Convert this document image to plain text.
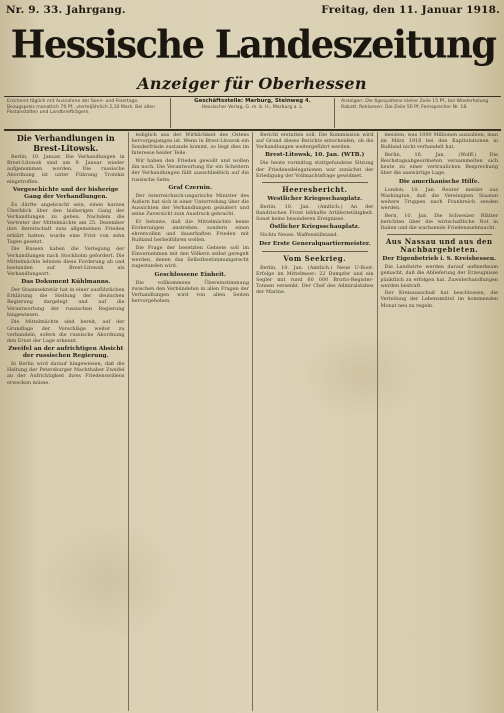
Nr. 9. 33. Jahrgang.	Freitag, den 11. Januar 1918.
Hessische Landeszeitung
Anzeiger für Oberhessen
Erscheint täglich mit Ausnahme der Sonn- und Feiertage. Bezugspreis monatlich 70 Pf., vierteljährlich 2,10 Mark. Bei allen Postanstalten und Landbriefträgern.
Geschäftsstelle: Marburg, Steinweg 4.
Hessischer Verlag, G. m. b. H., Marburg a. L.
Anzeigen: Die 6gespaltene kleine Zeile 15 Pf., bei Wiederholung Rabatt. Reklamen: Die Zeile 50 Pf. Fernsprecher Nr. 18.
Die Verhandlungen in Brest-Litowsk.

Berlin, 10. Januar. Die Verhandlungen in Brest-Litowsk sind am 9. Januar wieder aufgenommen worden. Die russische Abordnung ist unter Führung Trotzkis eingetroffen.

Vorgeschichte und der bisherige Gang der Verhandlungen.

Es dürfte angebracht sein, einen kurzen Überblick über den bisherigen Gang der Verhandlungen zu geben. Nachdem die Vertreter der Mittelmächte am 25. Dezember ihre Bereitschaft zum allgemeinen Frieden erklärt hatten, wurde eine Frist von zehn Tagen gesetzt.

Die Russen haben die Verlegung der Verhandlungen nach Stockholm gefordert. Die Mittelmächte lehnten diese Forderung ab und bestanden auf Brest-Litowsk als Verhandlungsort.

Das Dokument Kühlmanns.

Der Staatssekretär hat in einer ausführlichen Erklärung die Stellung der deutschen Regierung dargelegt und auf die Verantwortung der russischen Regierung hingewiesen.

Die Mittelmächte sind bereit, auf der Grundlage der Vorschläge weiter zu verhandeln, sofern die russische Abordnung den Ernst der Lage erkennt.

Zweifel an der aufrichtigen Absicht der russischen Regierung.

In Berlin wird darauf hingewiesen, daß die Haltung der Petersburger Machthaber Zweifel an der Aufrichtigkeit ihres Friedenswillens erwecken müsse.

lediglich aus der Wirklichkeit des Ostens hervorgegangen ist. Wenn in Brest-Litowsk ein Sonderfriede zustande kommt, so liegt dies im Interesse beider Teile.

Wir haben den Frieden gewollt und wollen ihn noch. Die Verantwortung für ein Scheitern der Verhandlungen fällt ausschließlich auf die russische Seite.

Graf Czernin.

Der österreichisch-ungarische Minister des Äußern hat sich in einer Unterredung über die Aussichten der Verhandlungen geäußert und seine Zuversicht zum Ausdruck gebracht.

Er betonte, daß die Mittelmächte keine Eroberungen anstreben, sondern einen ehrenvollen und dauerhaften Frieden mit Rußland herbeiführen wollen.

Die Frage der besetzten Gebiete soll im Einvernehmen mit den Völkern selbst geregelt werden, denen das Selbstbestimmungsrecht zugestanden wird.

Geschlossene Einheit.

Die vollkommene Übereinstimmung zwischen den Verbündeten in allen Fragen der Verhandlungen wird von allen Seiten hervorgehoben.

Bericht erstatten soll. Die Kommission wird auf Grund dieses Berichts entscheiden, ob die Verhandlungen weitergeführt werden.

Brest-Litowsk, 10. Jan. (WTB.)

Die heute vormittag stattgefundene Sitzung der Friedensdelegationen war zunächst der Erledigung der Vollmachtsfrage gewidmet.

Heeresbericht.
Westlicher Kriegsschauplatz.

Berlin, 10. Jan. (Amtlich.) An der flandrischen Front lebhafte Artillerietätigkeit. Sonst keine besonderen Ereignisse.

Östlicher Kriegsschauplatz.

Nichts Neues. Waffenstillstand.

Der Erste Generalquartiermeister.
Vom Seekrieg.

Berlin, 10. Jan. (Amtlich.) Neue U-Boot-Erfolge im Mittelmeer: 22 Dampfer und ein Segler mit rund 60 000 Brutto-Register-Tonnen versenkt. Der Chef des Admiralstabes der Marine.

meisten, was 1000 Millionen auszahlen, man im März 1918 bei den Kapitulationen in Rußland nicht verhandelt hat.

Berlin, 10. Jan. (Wolff.) Die Reichstagsabgeordneten versammelten sich heute zu einer vertraulichen Besprechung über die auswärtige Lage.

Die amerikanische Hilfe.

London, 10. Jan. Reuter meldet aus Washington, daß die Vereinigten Staaten weitere Truppen nach Frankreich senden werden.

Bern, 10. Jan. Die Schweizer Blätter berichten über die wirtschaftliche Not in Italien und die wachsende Friedenssehnsucht.

Aus Nassau und aus den Nachbargebieten.
Der Eigenbetrieb i. S. Kreishessen.

Die Landwirte werden darauf aufmerksam gemacht, daß die Ablieferung der Erzeugnisse pünktlich zu erfolgen hat. Zuwiderhandlungen werden bestraft.

Der Kreisausschuß hat beschlossen, die Verteilung der Lebensmittel im kommenden Monat neu zu regeln.
